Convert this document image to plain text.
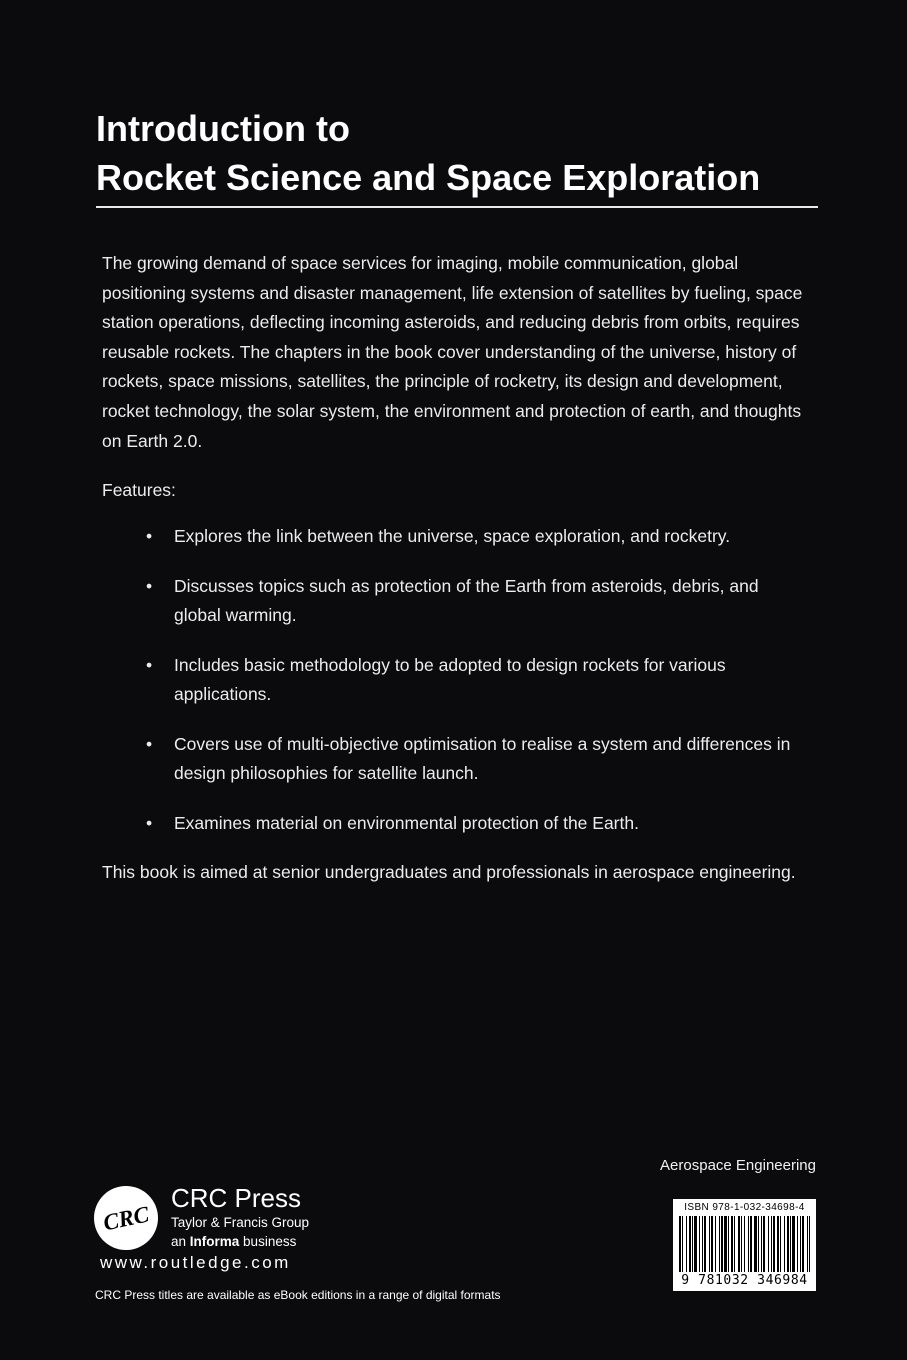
Introduction to
Rocket Science and Space Exploration

The growing demand of space services for imaging, mobile communication, global positioning systems and disaster management, life extension of satellites by fueling, space station operations, deflecting incoming asteroids, and reducing debris from orbits, requires reusable rockets. The chapters in the book cover understanding of the universe, history of rockets, space missions, satellites, the principle of rocketry, its design and development, rocket technology, the solar system, the environment and protection of earth, and thoughts on Earth 2.0.

Features:
•	Explores the link between the universe, space exploration, and rocketry.
•	Discusses topics such as protection of the Earth from asteroids, debris, and global warming.
•	Includes basic methodology to be adopted to design rockets for various applications.
•	Covers use of multi-objective optimisation to realise a system and differences in design philosophies for satellite launch.
•	Examines material on environmental protection of the Earth.
This book is aimed at senior undergraduates and professionals in aerospace engineering.
Aerospace Engineering
CRC
CRC Press
Taylor & Francis Group
an Informa business
www.routledge.com
CRC Press titles are available as eBook editions in a range of digital formats
ISBN 978-1-032-34698-4
9 781032 346984
